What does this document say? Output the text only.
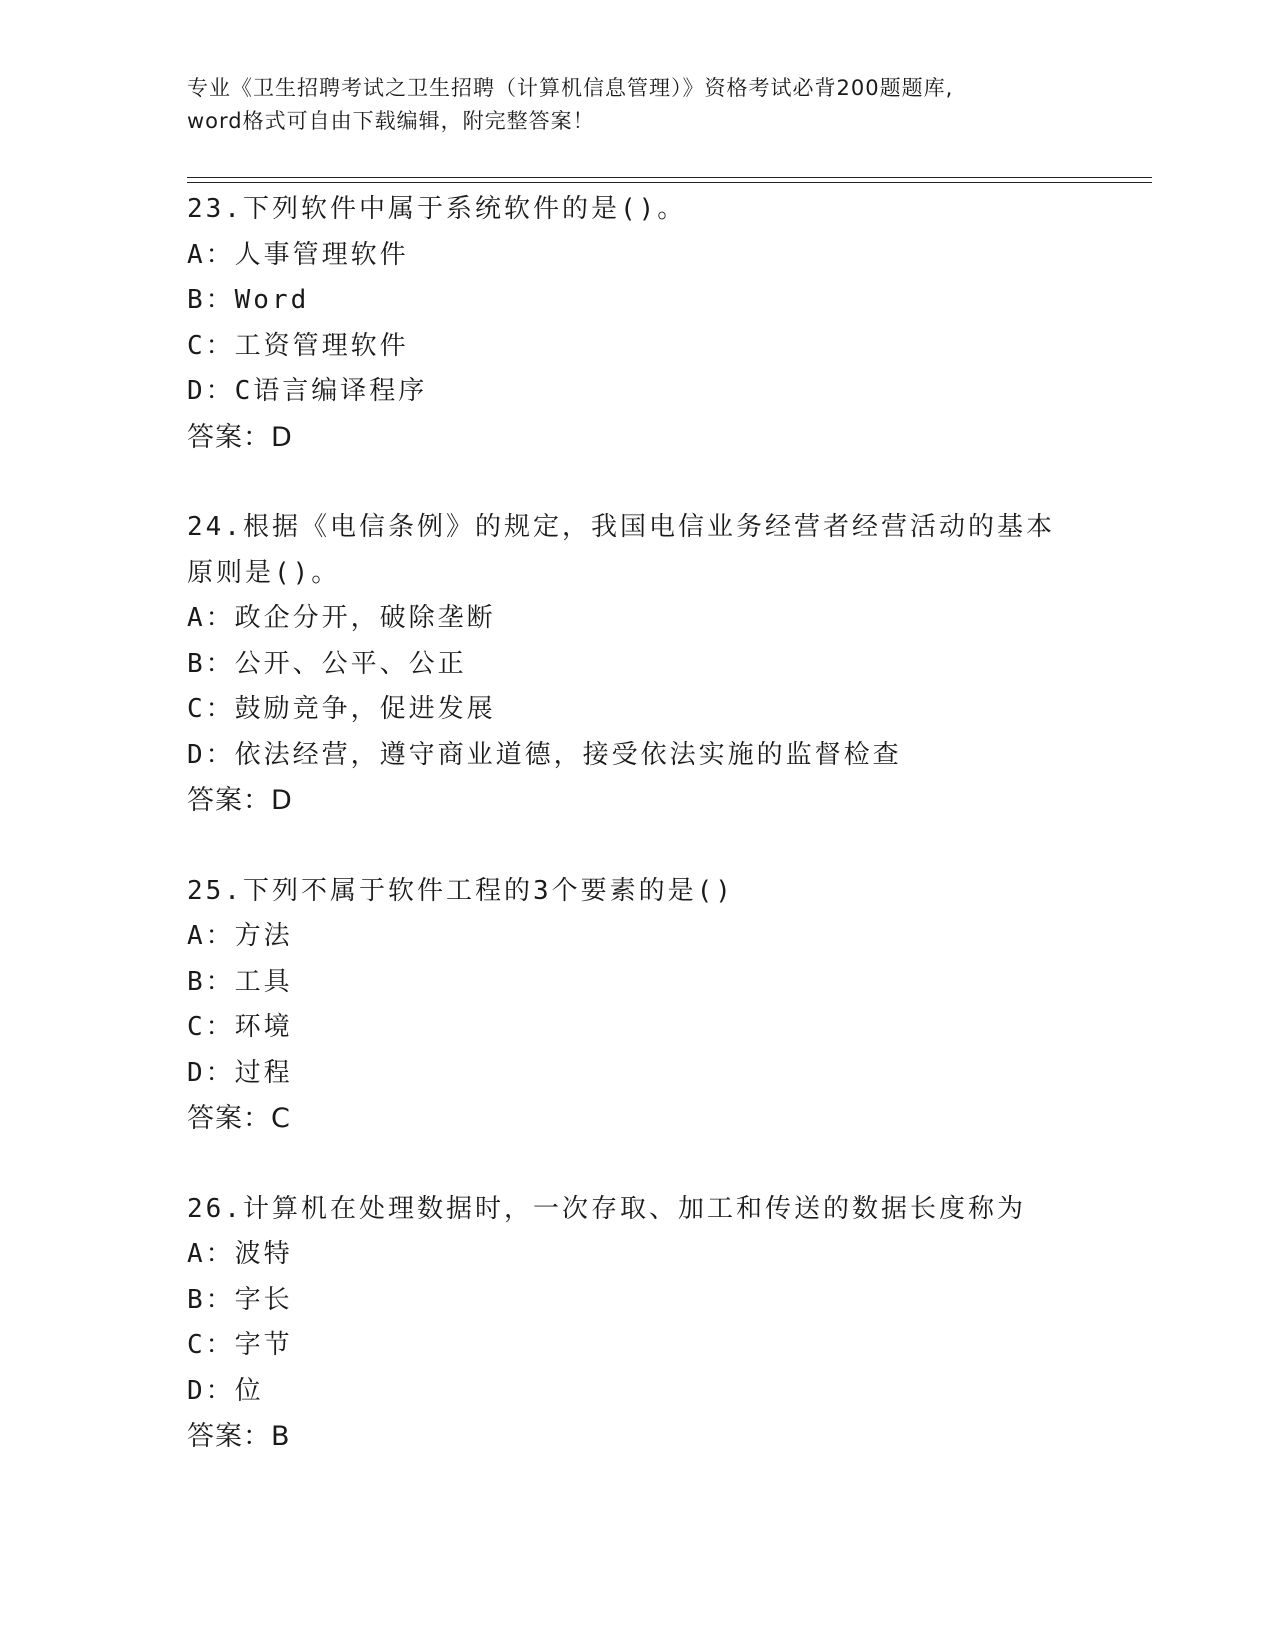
专业《卫生招聘考试之卫生招聘（计算机信息管理）》资格考试必背200题题库,
word格式可自由下载编辑，附完整答案！
23.下列软件中属于系统软件的是()。
A：人事管理软件
B：Word
C：工资管理软件
D：C语言编译程序
答案：D
24.根据《电信条例》的规定，我国电信业务经营者经营活动的基本原则是()。
A：政企分开，破除垄断
B：公开、公平、公正
C：鼓励竞争，促进发展
D：依法经营，遵守商业道德，接受依法实施的监督检查
答案：D
25.下列不属于软件工程的3个要素的是()
A：方法
B：工具
C：环境
D：过程
答案：C
26.计算机在处理数据时，一次存取、加工和传送的数据长度称为
A：波特
B：字长
C：字节
D：位
答案：B
